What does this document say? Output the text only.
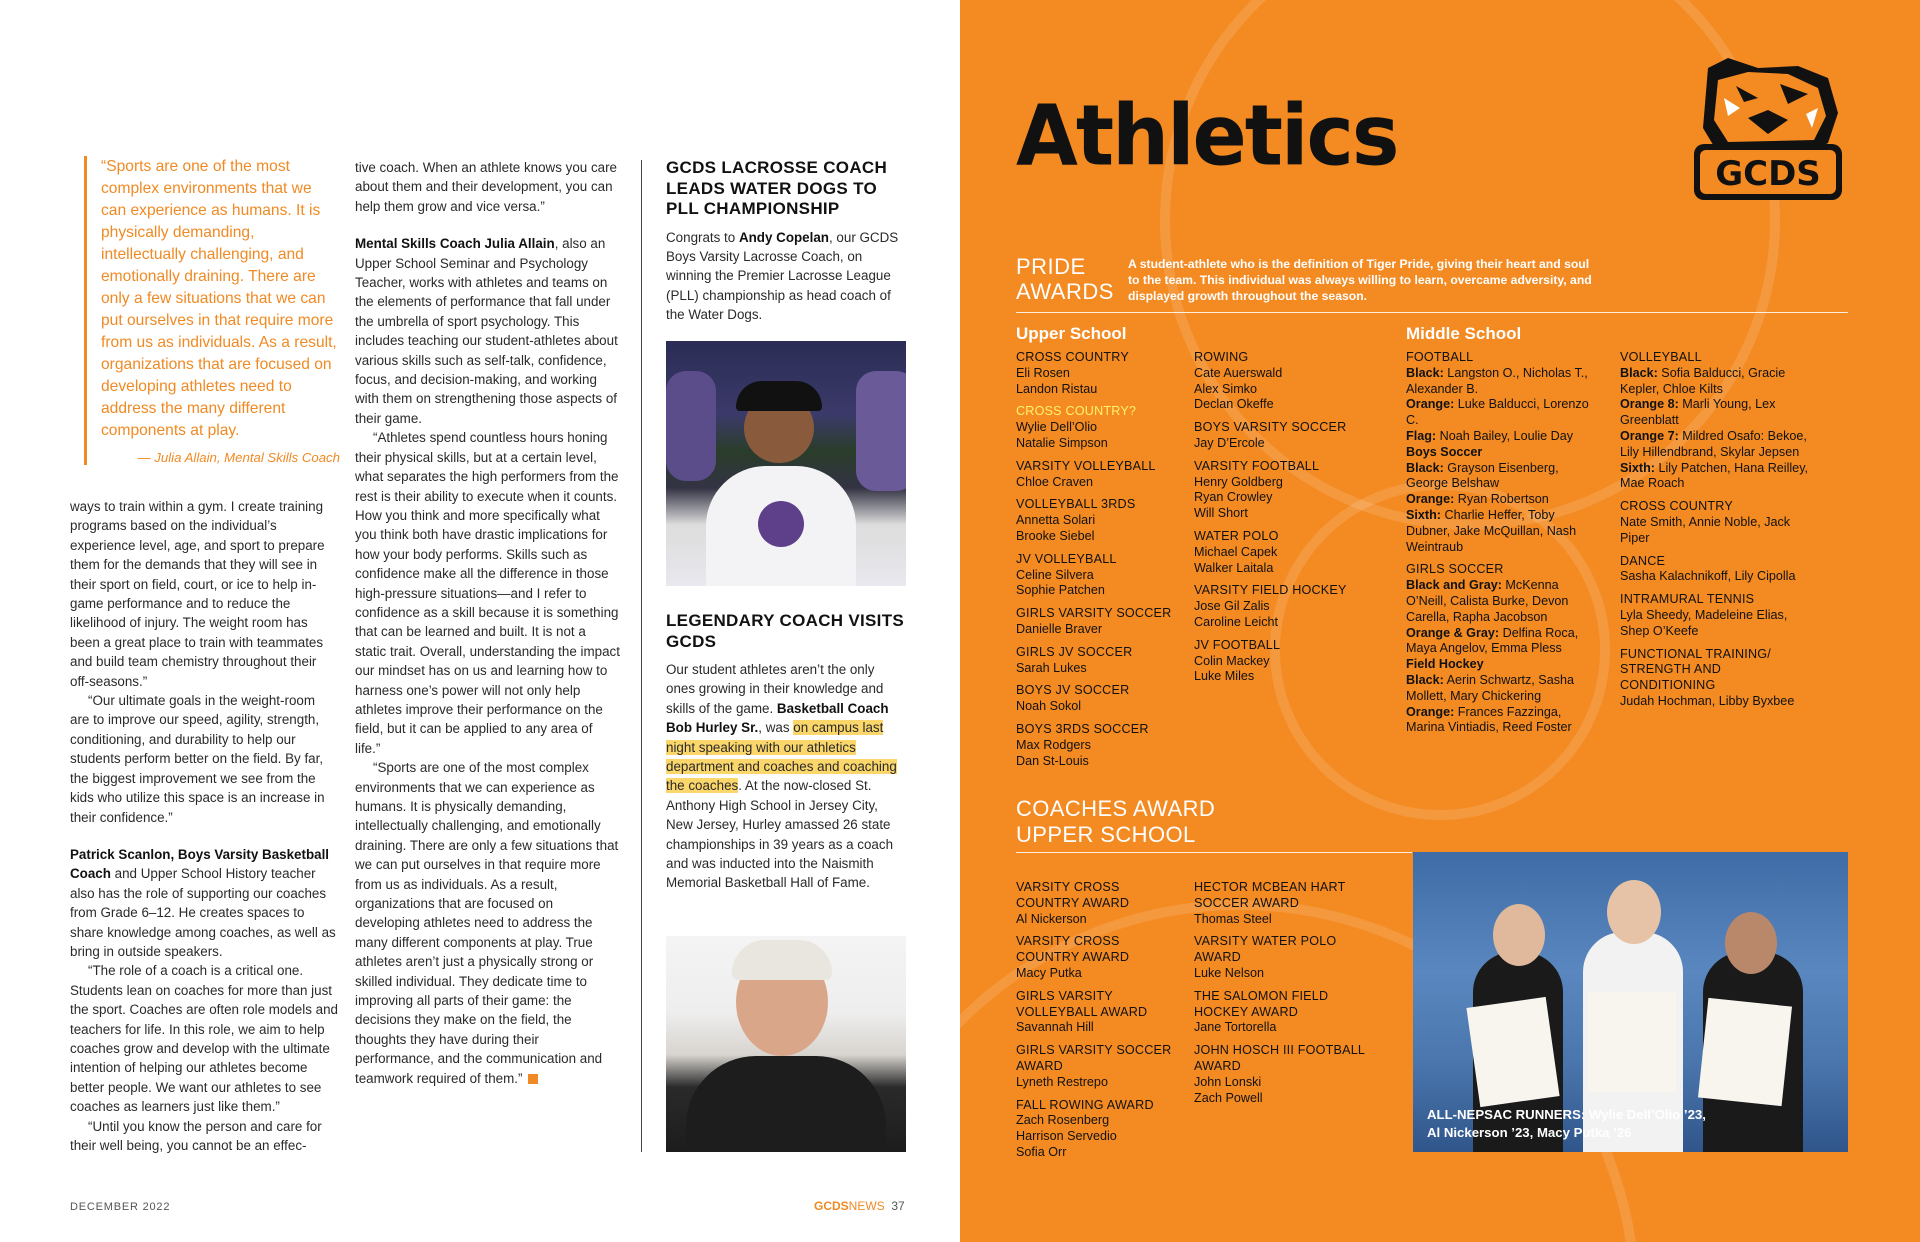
“Sports are one of the most complex environments that we can experience as humans. It is physically demanding, intellectually challenging, and emotionally draining. There are only a few situations that we can put ourselves in that require more from us as individuals. As a result, organizations that are focused on developing athletes need to address the many different components at play.

— Julia Allain, Mental Skills Coach

ways to train within a gym. I create training programs based on the individual’s experience level, age, and sport to prepare them for the demands that they will see in their sport on field, court, or ice to help in-game performance and to reduce the likelihood of injury. The weight room has been a great place to train with teammates and build team chemistry throughout their off-seasons.”

“Our ultimate goals in the weight-room are to improve our speed, agility, strength, conditioning, and durability to help our students perform better on the field. By far, the biggest improvement we see from the kids who utilize this space is an increase in their confidence.”

Patrick Scanlon, Boys Varsity Basketball Coach and Upper School History teacher also has the role of supporting our coaches from Grade 6–12. He creates spaces to share knowledge among coaches, as well as bring in outside speakers.

“The role of a coach is a critical one. Students lean on coaches for more than just the sport. Coaches are often role models and teachers for life. In this role, we aim to help coaches grow and develop with the ultimate intention of helping our athletes become better people. We want our athletes to see coaches as learners just like them.”

“Until you know the person and care for their well being, you cannot be an effec-

tive coach. When an athlete knows you care about them and their development, you can help them grow and vice versa.”

Mental Skills Coach Julia Allain, also an Upper School Seminar and Psychology Teacher, works with athletes and teams on the elements of performance that fall under the umbrella of sport psychology. This includes teaching our student-athletes about various skills such as self-talk, confidence, focus, and decision-making, and working with them on strengthening those aspects of their game.

“Athletes spend countless hours honing their physical skills, but at a certain level, what separates the high performers from the rest is their ability to execute when it counts. How you think and more specifically what you think both have drastic implications for how your body performs. Skills such as confidence make all the difference in those high-pressure situations—and I refer to confidence as a skill because it is something that can be learned and built. It is not a static trait. Overall, understanding the impact our mindset has on us and learning how to harness one’s power will not only help athletes improve their performance on the field, but it can be applied to any area of life.”

“Sports are one of the most complex environments that we can experience as humans. It is physically demanding, intellectually challenging, and emotionally draining. There are only a few situations that we can put ourselves in that require more from us as individuals. As a result, organizations that are focused on developing athletes need to address the many different components at play. True athletes aren’t just a physically strong or skilled individual. They dedicate time to improving all parts of their game: the decisions they make on the field, the thoughts they have during their performance, and the communication and teamwork required of them.”

GCDS LACROSSE COACH LEADS WATER DOGS TO PLL CHAMPIONSHIP

Congrats to Andy Copelan, our GCDS Boys Varsity Lacrosse Coach, on winning the Premier Lacrosse League (PLL) championship as head coach of the Water Dogs.

LEGENDARY COACH VISITS GCDS

Our student athletes aren’t the only ones growing in their knowledge and skills of the game. Basketball Coach Bob Hurley Sr., was on campus last night speaking with our athletics department and coaches and coaching the coaches. At the now-closed St. Anthony High School in Jersey City, New Jersey, Hurley amassed 26 state championships in 39 years as a coach and was inducted into the Naismith Memorial Basketball Hall of Fame.

DECEMBER 2022	GCDSNEWS 37
Athletics	GCDS
PRIDE
AWARDS
A student-athlete who is the definition of Tiger Pride, giving their heart and soul to the team. This individual was always willing to learn, overcame adversity, and displayed growth throughout the season.
Upper School
CROSS COUNTRY
Eli Rosen
Landon Ristau
CROSS COUNTRY?
Wylie Dell’Olio
Natalie Simpson
VARSITY VOLLEYBALL
Chloe Craven
VOLLEYBALL 3RDS
Annetta Solari
Brooke Siebel
JV VOLLEYBALL
Celine Silvera
Sophie Patchen
GIRLS VARSITY SOCCER
Danielle Braver
GIRLS JV SOCCER
Sarah Lukes
BOYS JV SOCCER
Noah Sokol
BOYS 3RDS SOCCER
Max Rodgers
Dan St-Louis
ROWING
Cate Auerswald
Alex Simko
Declan Okeffe
BOYS VARSITY SOCCER
Jay D’Ercole
VARSITY FOOTBALL
Henry Goldberg
Ryan Crowley
Will Short
WATER POLO
Michael Capek
Walker Laitala
VARSITY FIELD HOCKEY
Jose Gil Zalis
Caroline Leicht
JV FOOTBALL
Colin Mackey
Luke Miles
Middle School
FOOTBALL
Black: Langston O., Nicholas T., Alexander B.
Orange: Luke Balducci, Lorenzo C.
Flag: Noah Bailey, Loulie Day
Boys Soccer
Black: Grayson Eisenberg, George Belshaw
Orange: Ryan Robertson
Sixth: Charlie Heffer, Toby Dubner, Jake McQuillan, Nash Weintraub
GIRLS SOCCER
Black and Gray: McKenna O’Neill, Calista Burke, Devon Carella, Rapha Jacobson
Orange & Gray: Delfina Roca, Maya Angelov, Emma Pless
Field Hockey
Black: Aerin Schwartz, Sasha Mollett, Mary Chickering
Orange: Frances Fazzinga, Marina Vintiadis, Reed Foster
VOLLEYBALL
Black: Sofia Balducci, Gracie Kepler, Chloe Kilts
Orange 8: Marli Young, Lex Greenblatt
Orange 7: Mildred Osafo: Bekoe, Lily Hillendbrand, Skylar Jepsen
Sixth: Lily Patchen, Hana Reilley, Mae Roach
CROSS COUNTRY
Nate Smith, Annie Noble, Jack Piper
DANCE
Sasha Kalachnikoff, Lily Cipolla
INTRAMURAL TENNIS
Lyla Sheedy, Madeleine Elias, Shep O’Keefe
FUNCTIONAL TRAINING/ STRENGTH AND CONDITIONING
Judah Hochman, Libby Byxbee
COACHES AWARD
UPPER SCHOOL
VARSITY CROSS COUNTRY AWARD
Al Nickerson
VARSITY CROSS COUNTRY AWARD
Macy Putka
GIRLS VARSITY VOLLEYBALL AWARD
Savannah Hill
GIRLS VARSITY SOCCER AWARD
Lyneth Restrepo
FALL ROWING AWARD
Zach Rosenberg
Harrison Servedio
Sofia Orr
HECTOR MCBEAN HART SOCCER AWARD
Thomas Steel
VARSITY WATER POLO AWARD
Luke Nelson
THE SALOMON FIELD HOCKEY AWARD
Jane Tortorella
JOHN HOSCH III FOOTBALL AWARD
John Lonski
Zach Powell
ALL-NEPSAC RUNNERS: Wylie Dell’Olio ’23,
Al Nickerson ’23, Macy Putka ’26
